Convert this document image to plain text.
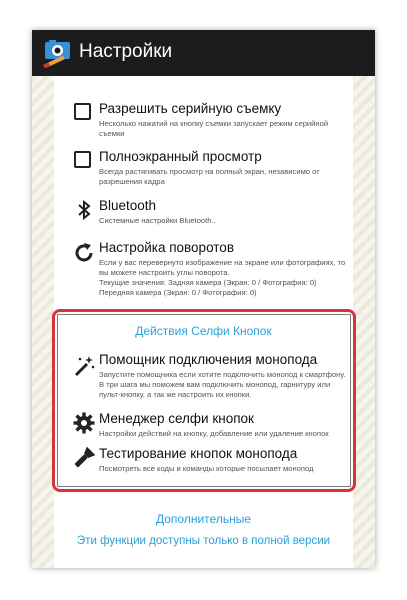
Настройки
Разрешить серийную съемку
Несколько нажатий на кнопку съемки запускает режим серийной съемки
Полноэкранный просмотр
Всегда растягивать просмотр на полный экран, независимо от разрешения кадра
Bluetooth
Системные настройки Bluetooth..
Настройка поворотов
Если у вас перевернуто изображение на экране или фотографиях, то вы можете настроить углы поворота.
Текущие значения: Задняя камера (Экран: 0 / Фотография: 0)
Передняя камера (Экран: 0 / Фотография: 0)
Действия Селфи Кнопок
Помощник подключения монопода
Запустите помощника если хотите подключить монопод к смартфону. В три шага мы поможем вам подключить монопод, гарнитуру или пульт-кнопку, а так же настроить их кнопки.
Менеджер селфи кнопок
Настройки действий на кнопку, добавление или удаление кнопок
Тестирование кнопок монопода
Посмотреть все коды и команды которые посылает монопод
Дополнительные
Эти функции доступны только в полной версии
